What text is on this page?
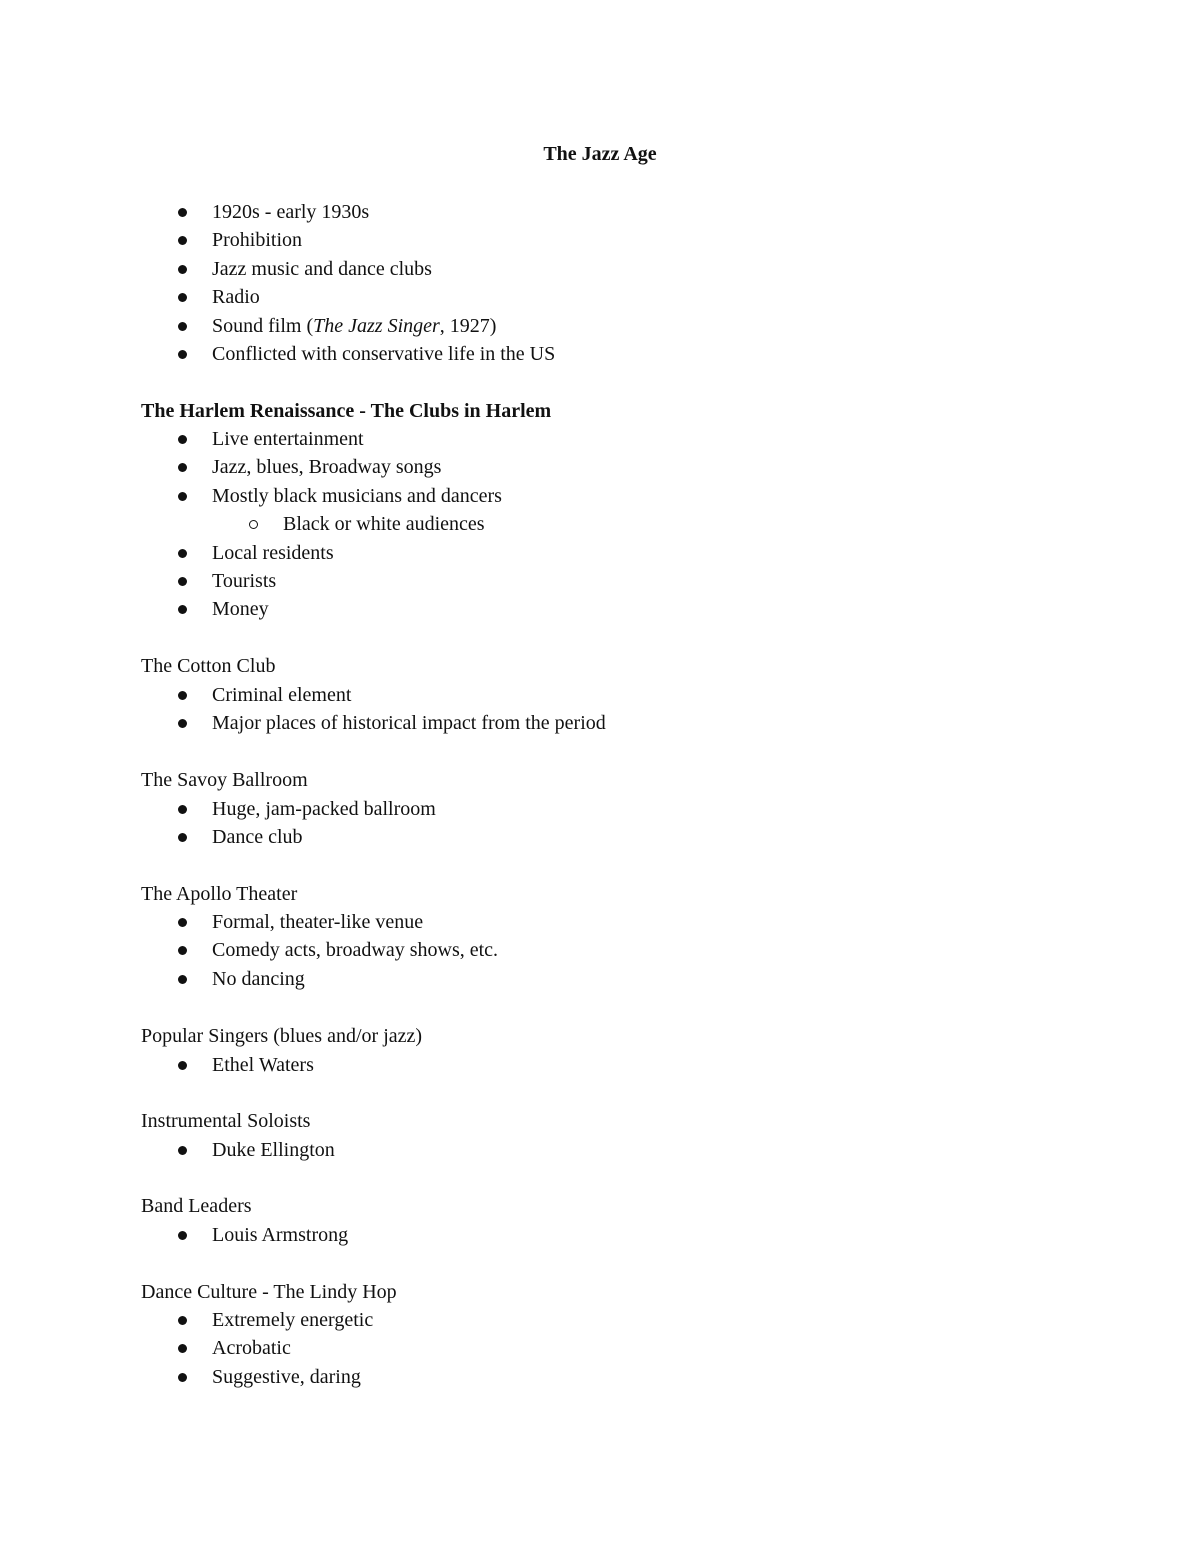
The Jazz Age
1920s - early 1930s
Prohibition
Jazz music and dance clubs
Radio
Sound film (The Jazz Singer, 1927)
Conflicted with conservative life in the US
The Harlem Renaissance - The Clubs in Harlem
Live entertainment
Jazz, blues, Broadway songs
Mostly black musicians and dancers
Black or white audiences
Local residents
Tourists
Money
The Cotton Club
Criminal element
Major places of historical impact from the period
The Savoy Ballroom
Huge, jam-packed ballroom
Dance club
The Apollo Theater
Formal, theater-like venue
Comedy acts, broadway shows, etc.
No dancing
Popular Singers (blues and/or jazz)
Ethel Waters
Instrumental Soloists
Duke Ellington
Band Leaders
Louis Armstrong
Dance Culture - The Lindy Hop
Extremely energetic
Acrobatic
Suggestive, daring
